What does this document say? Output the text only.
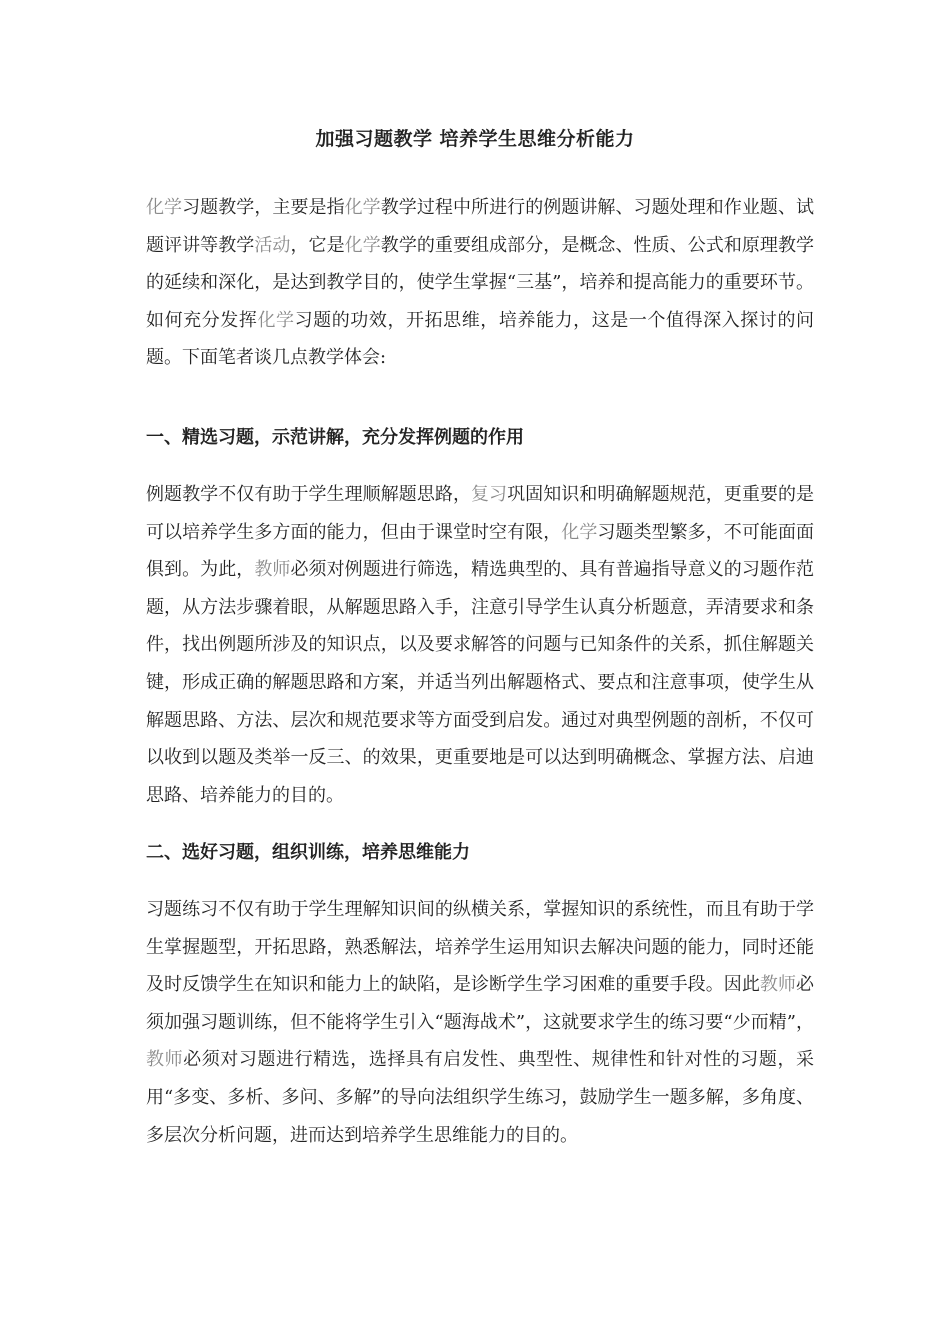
加强习题教学 培养学生思维分析能力

化学习题教学，主要是指化学教学过程中所进行的例题讲解、习题处理和作业题、试题评讲等教学活动，它是化学教学的重要组成部分，是概念、性质、公式和原理教学的延续和深化，是达到教学目的，使学生掌握“三基”，培养和提高能力的重要环节。如何充分发挥化学习题的功效，开拓思维，培养能力，这是一个值得深入探讨的问题。下面笔者谈几点教学体会:

一、精选习题，示范讲解，充分发挥例题的作用

例题教学不仅有助于学生理顺解题思路，复习巩固知识和明确解题规范，更重要的是可以培养学生多方面的能力，但由于课堂时空有限，化学习题类型繁多，不可能面面俱到。为此，教师必须对例题进行筛选，精选典型的、具有普遍指导意义的习题作范题，从方法步骤着眼，从解题思路入手，注意引导学生认真分析题意，弄清要求和条件，找出例题所涉及的知识点，以及要求解答的问题与已知条件的关系，抓住解题关键，形成正确的解题思路和方案，并适当列出解题格式、要点和注意事项，使学生从解题思路、方法、层次和规范要求等方面受到启发。通过对典型例题的剖析，不仅可以收到以题及类举一反三、的效果，更重要地是可以达到明确概念、掌握方法、启迪思路、培养能力的目的。

二、选好习题，组织训练，培养思维能力

习题练习不仅有助于学生理解知识间的纵横关系，掌握知识的系统性，而且有助于学生掌握题型，开拓思路，熟悉解法，培养学生运用知识去解决问题的能力，同时还能及时反馈学生在知识和能力上的缺陷，是诊断学生学习困难的重要手段。因此教师必须加强习题训练，但不能将学生引入“题海战术”，这就要求学生的练习要“少而精”，教师必须对习题进行精选，选择具有启发性、典型性、规律性和针对性的习题，采用“多变、多析、多问、多解”的导向法组织学生练习，鼓励学生一题多解，多角度、多层次分析问题，进而达到培养学生思维能力的目的。
